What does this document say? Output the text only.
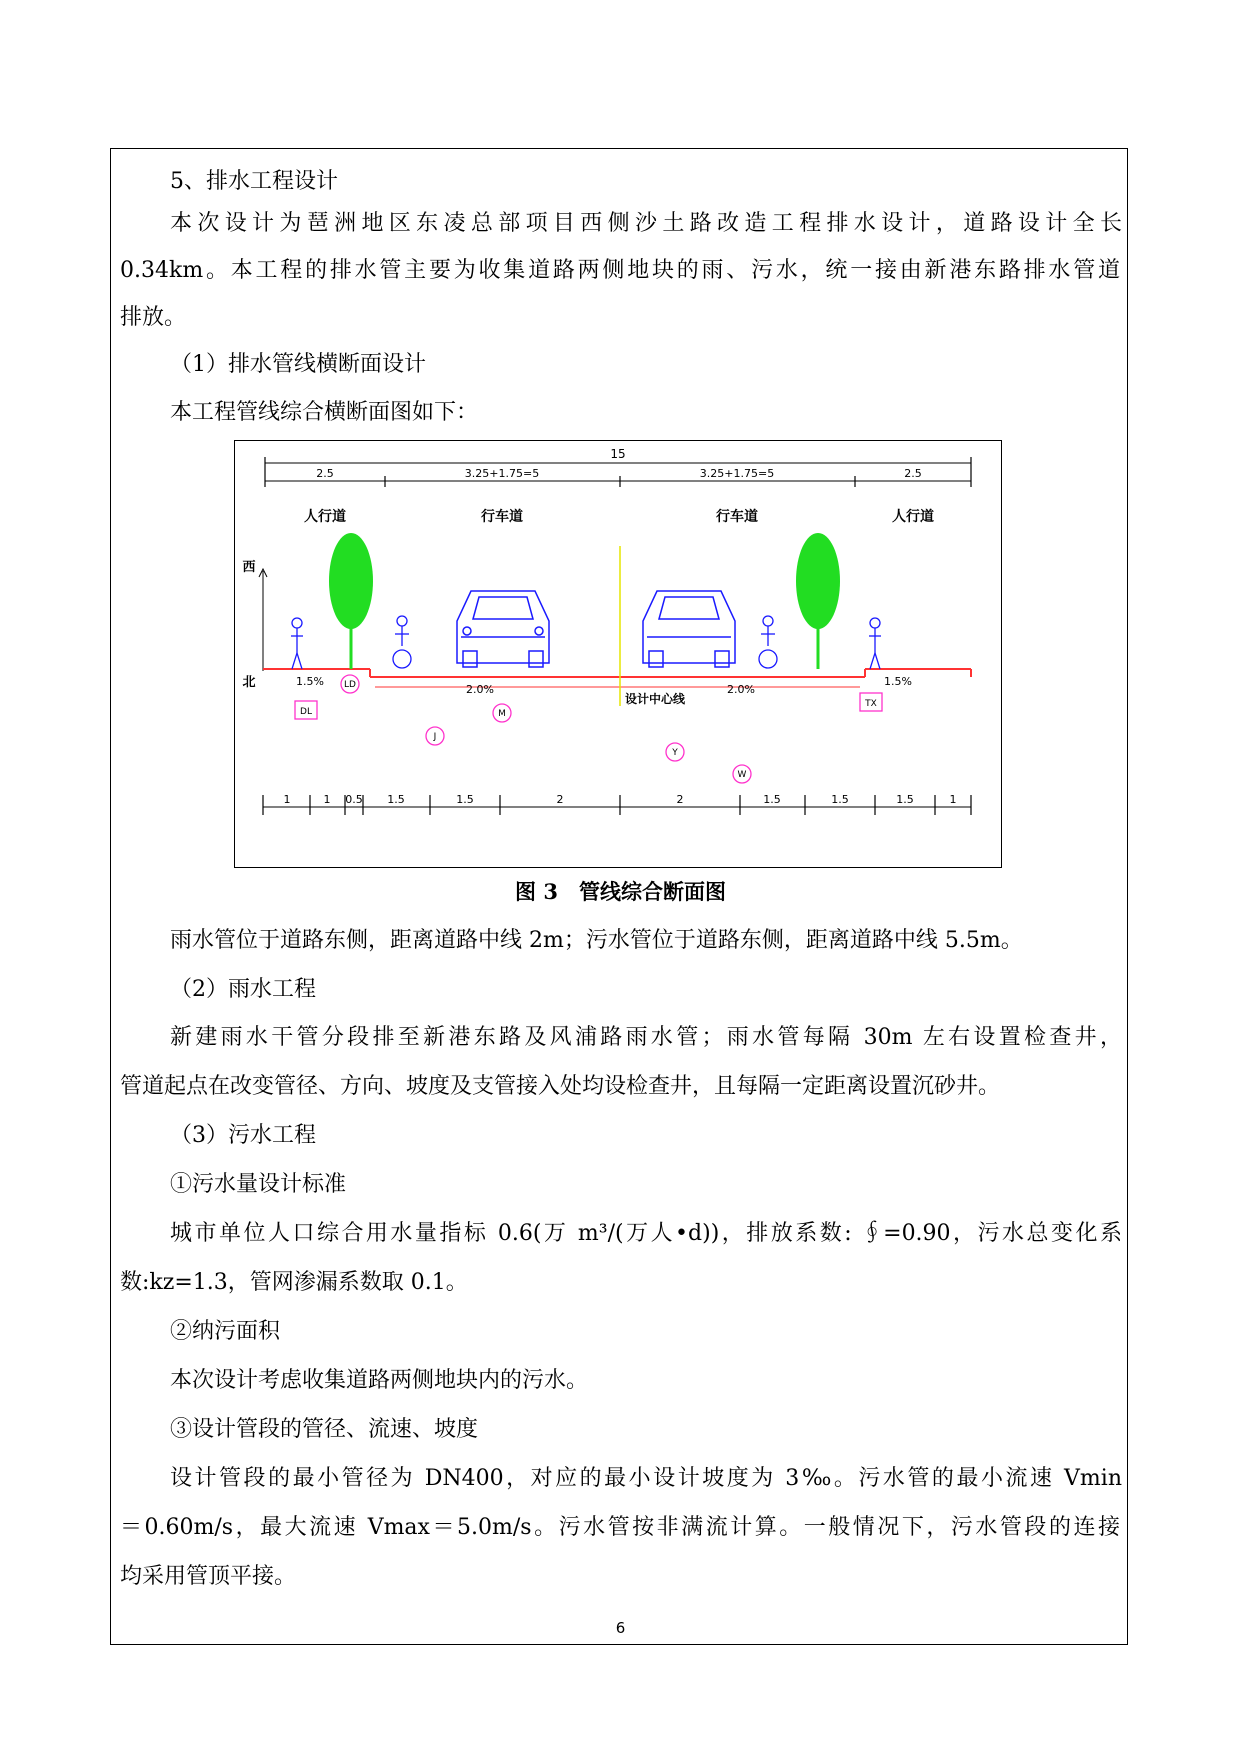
5、排水工程设计
本次设计为琶洲地区东凌总部项目西侧沙土路改造工程排水设计，道路设计全长
0.34km。本工程的排水管主要为收集道路两侧地块的雨、污水，统一接由新港东路排水管道
排放。
（1）排水管线横断面设计
本工程管线综合横断面图如下：
15
2.5	3.25+1.75=5	3.25+1.75=5	2.5
人行道	行车道	行车道	人行道
西
北
设计中心线
1.5%
2.0%	2.0%
1.5%
LD
DL	M
J
Y
W
TX
1	1 0.5 1.5	1.5	2	2	1.5	1.5	1.5	1
图 3　管线综合断面图
雨水管位于道路东侧，距离道路中线 2m；污水管位于道路东侧，距离道路中线 5.5m。
（2）雨水工程
新建雨水干管分段排至新港东路及风浦路雨水管；雨水管每隔 30m 左右设置检查井，
管道起点在改变管径、方向、坡度及支管接入处均设检查井，且每隔一定距离设置沉砂井。
（3）污水工程
①污水量设计标准
城市单位人口综合用水量指标 0.6(万 m³/(万人•d))，排放系数: ∮=0.90，污水总变化系
数:kz=1.3，管网渗漏系数取 0.1。
②纳污面积
本次设计考虑收集道路两侧地块内的污水。
③设计管段的管径、流速、坡度
设计管段的最小管径为 DN400，对应的最小设计坡度为 3‰。污水管的最小流速 Vmin
＝0.60m/s，最大流速 Vmax＝5.0m/s。污水管按非满流计算。一般情况下，污水管段的连接
均采用管顶平接。
6
